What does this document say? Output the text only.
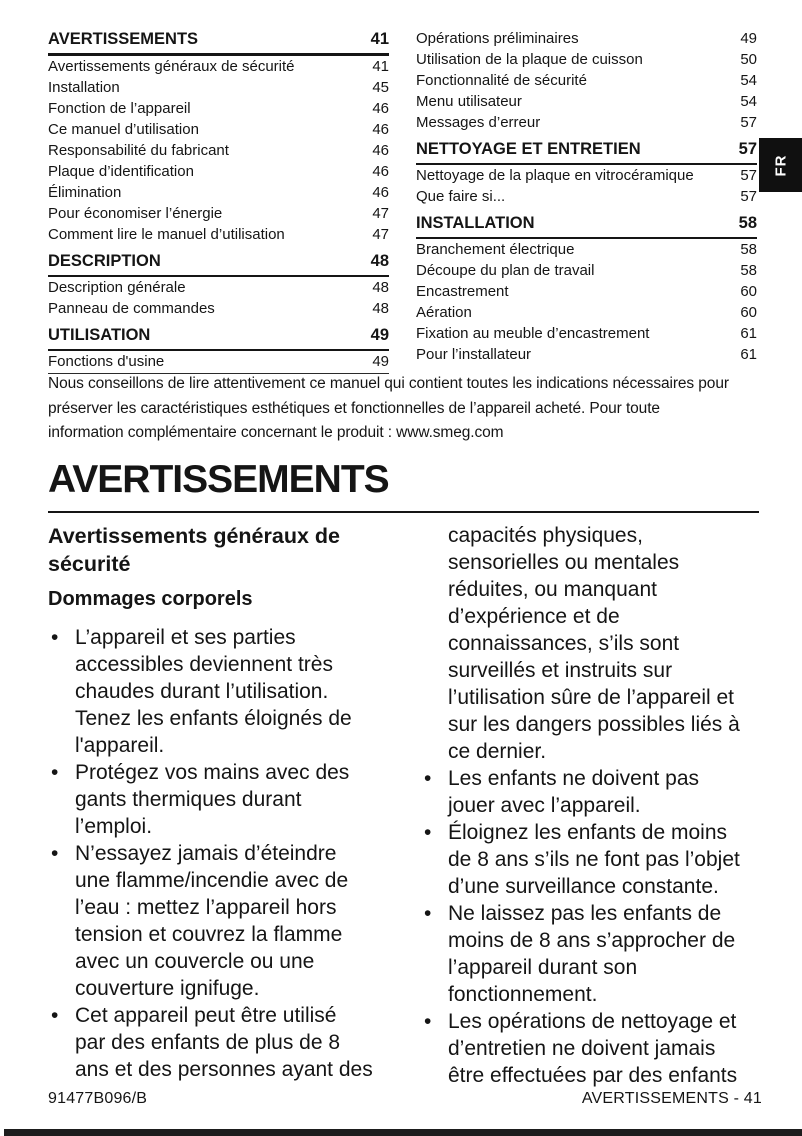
AVERTISSEMENTS	41
Avertissements généraux de sécurité	41
Installation	45
Fonction de l’appareil	46
Ce manuel d’utilisation	46
Responsabilité du fabricant	46
Plaque d’identification	46
Élimination	46
Pour économiser l’énergie	47
Comment lire le manuel d’utilisation	47
DESCRIPTION	48
Description générale	48
Panneau de commandes	48
UTILISATION	49
Fonctions d'usine	49
Opérations préliminaires	49
Utilisation de la plaque de cuisson	50
Fonctionnalité de sécurité	54
Menu utilisateur	54
Messages d’erreur	57
NETTOYAGE ET ENTRETIEN	57
Nettoyage de la plaque en vitrocéramique	57
Que faire si...	57
INSTALLATION	58
Branchement électrique	58
Découpe du plan de travail	58
Encastrement	60
Aération	60
Fixation au meuble d’encastrement	61
Pour l’installateur	61
FR
Nous conseillons de lire attentivement ce manuel qui contient toutes les indications nécessaires pour
préserver les caractéristiques esthétiques et fonctionnelles de l’appareil acheté. Pour toute
information complémentaire concernant le produit : www.smeg.com
AVERTISSEMENTS
Avertissements généraux de
sécurité
Dommages corporels
• L’appareil et ses parties
accessibles deviennent très
chaudes durant l’utilisation.
Tenez les enfants éloignés de
l'appareil.
• Protégez vos mains avec des
gants thermiques durant
l’emploi.
• N’essayez jamais d’éteindre
une flamme/incendie avec de
l’eau : mettez l’appareil hors
tension et couvrez la flamme
avec un couvercle ou une
couverture ignifuge.
• Cet appareil peut être utilisé
par des enfants de plus de 8
ans et des personnes ayant des
capacités physiques,
sensorielles ou mentales
réduites, ou manquant
d’expérience et de
connaissances, s’ils sont
surveillés et instruits sur
l’utilisation sûre de l’appareil et
sur les dangers possibles liés à
ce dernier.
• Les enfants ne doivent pas
jouer avec l’appareil.
• Éloignez les enfants de moins
de 8 ans s’ils ne font pas l’objet
d’une surveillance constante.
• Ne laissez pas les enfants de
moins de 8 ans s’approcher de
l’appareil durant son
fonctionnement.
• Les opérations de nettoyage et
d’entretien ne doivent jamais
être effectuées par des enfants
91477B096/B	AVERTISSEMENTS - 41
